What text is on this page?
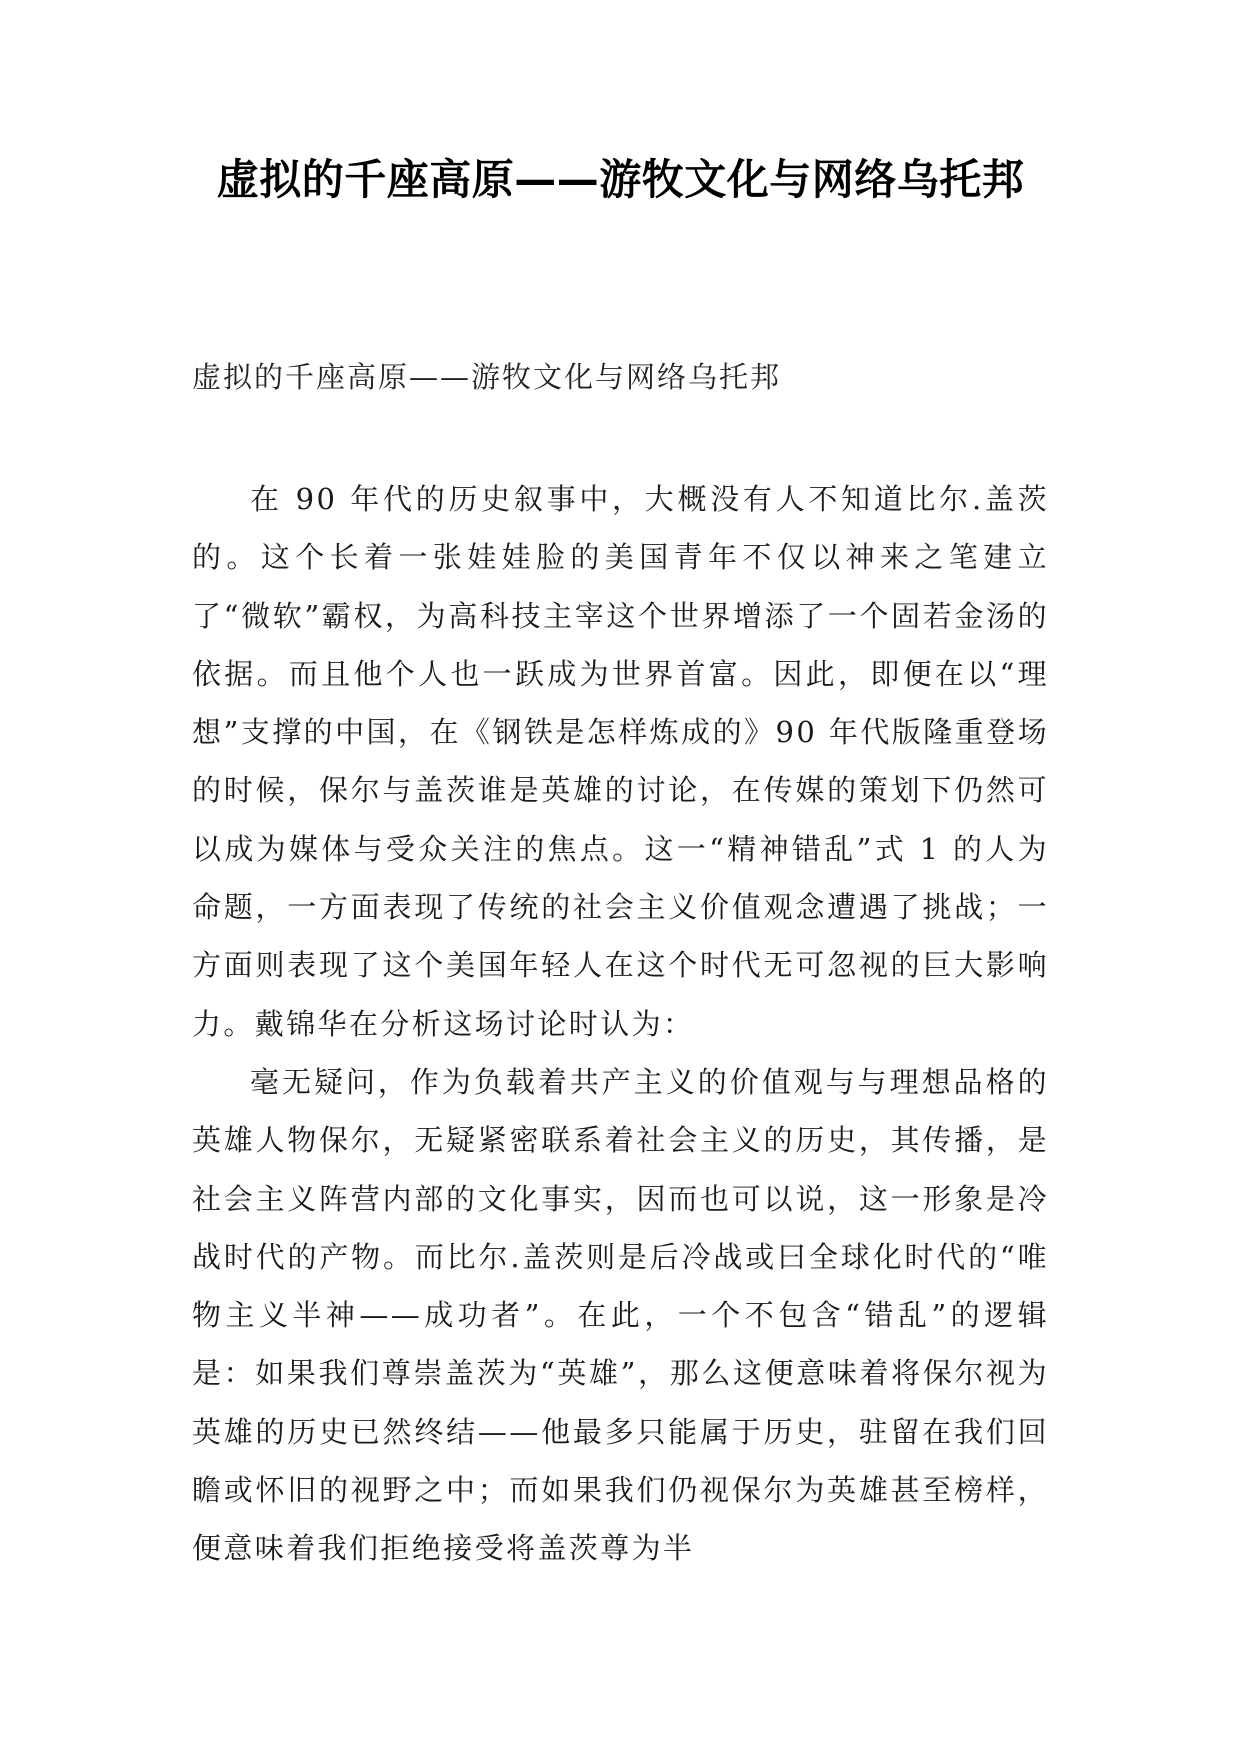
虚拟的千座高原——游牧文化与网络乌托邦
虚拟的千座高原——游牧文化与网络乌托邦

在 90 年代的历史叙事中，大概没有人不知道比尔.盖茨的。这个长着一张娃娃脸的美国青年不仅以神来之笔建立了“微软”霸权，为高科技主宰这个世界增添了一个固若金汤的依据。而且他个人也一跃成为世界首富。因此，即便在以“理想”支撑的中国，在《钢铁是怎样炼成的》90 年代版隆重登场的时候，保尔与盖茨谁是英雄的讨论，在传媒的策划下仍然可以成为媒体与受众关注的焦点。这一“精神错乱”式 1 的人为命题，一方面表现了传统的社会主义价值观念遭遇了挑战；一方面则表现了这个美国年轻人在这个时代无可忽视的巨大影响力。戴锦华在分析这场讨论时认为：

毫无疑问，作为负载着共产主义的价值观与与理想品格的英雄人物保尔，无疑紧密联系着社会主义的历史，其传播，是社会主义阵营内部的文化事实，因而也可以说，这一形象是冷战时代的产物。而比尔.盖茨则是后冷战或曰全球化时代的“唯物主义半神——成功者”。在此，一个不包含“错乱”的逻辑是：如果我们尊崇盖茨为“英雄”，那么这便意味着将保尔视为英雄的历史已然终结——他最多只能属于历史，驻留在我们回瞻或怀旧的视野之中；而如果我们仍视保尔为英雄甚至榜样，便意味着我们拒绝接受将盖茨尊为半
